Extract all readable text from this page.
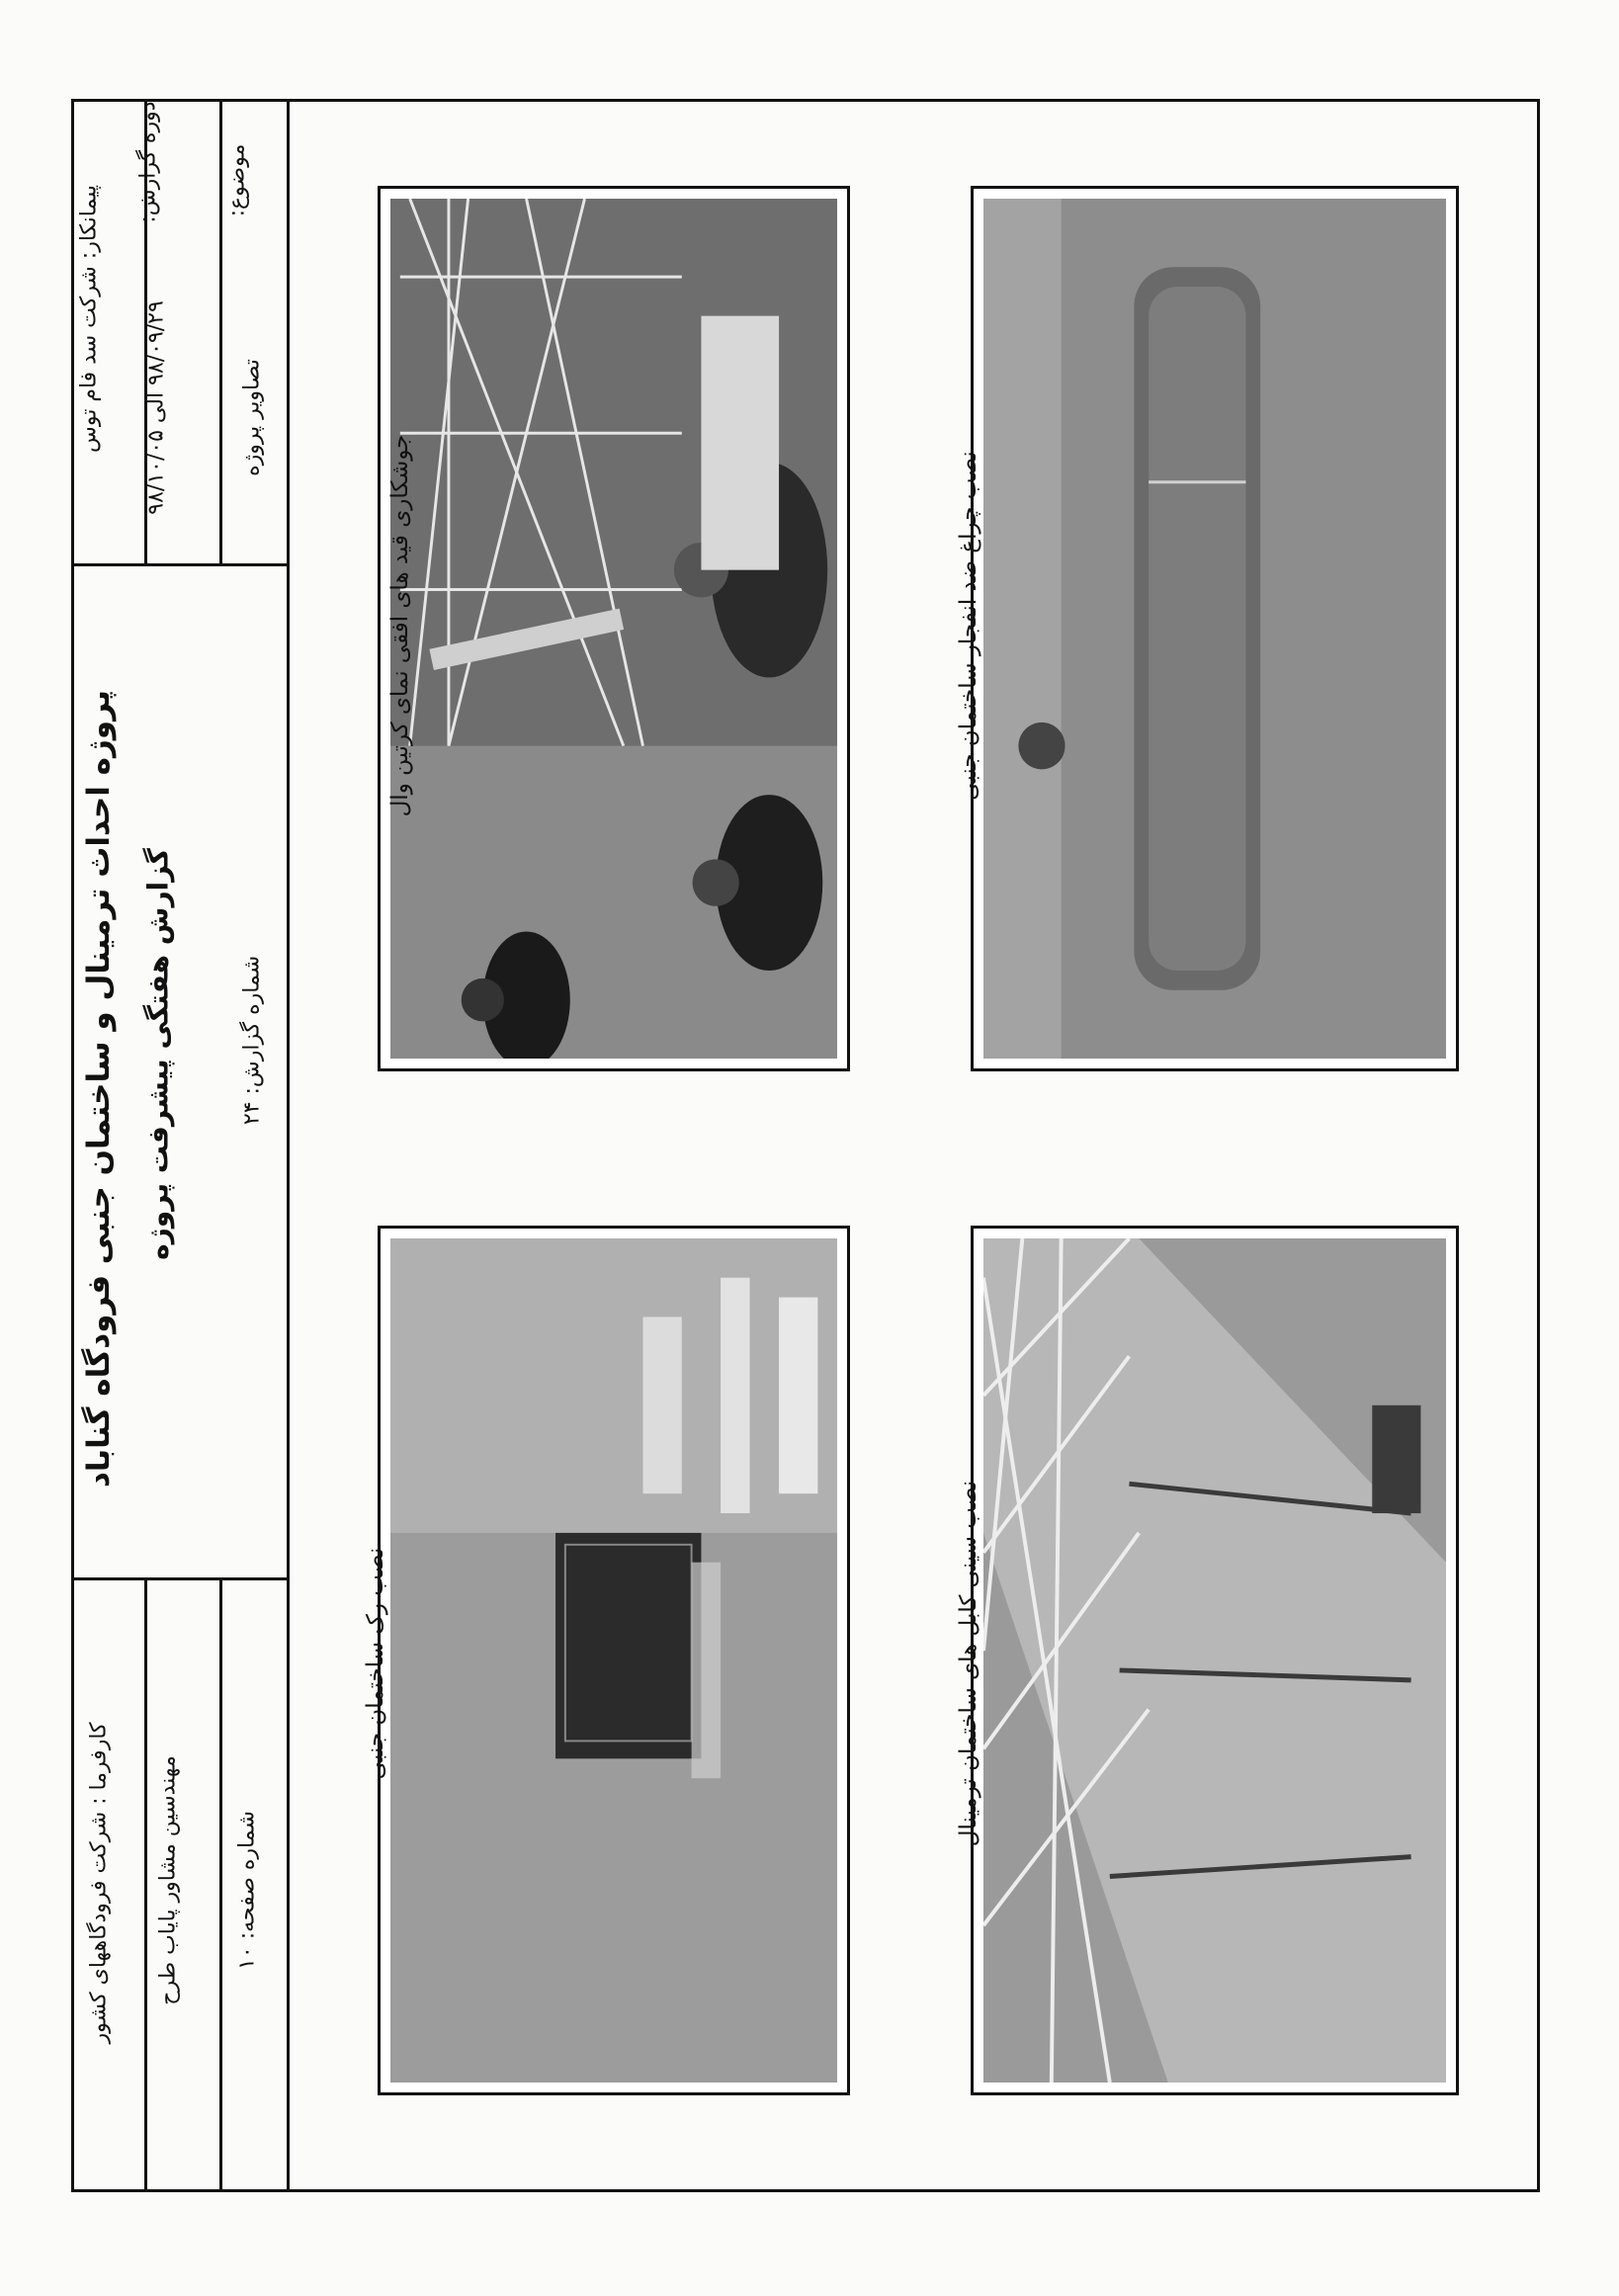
پیمانکار: شرکت سد فام توس
دوره گزارش:
۹۸/۰۹/۲۹ الی ۹۸/۱۰/۰۵
موضوع:
تصاویر پروژه
پروژه احداث ترمینال و ساختمان جنبی فرودگاه گناباد گزارش هفتگی پیشرفت پروژه	شماره گزارش: ۲۴
کارفرما : شرکت فرودگاههای کشور مهندسین مشاور پایاب طرح	شماره صفحه: ۱۰
جوشکاری قید های افقی نمای کرتین وال
نصب رک ساختمان جنبی
نصب چراغ ضد انفجار ساختمان جنبی
نصب سینی کابل های ساختمان ترمینال
